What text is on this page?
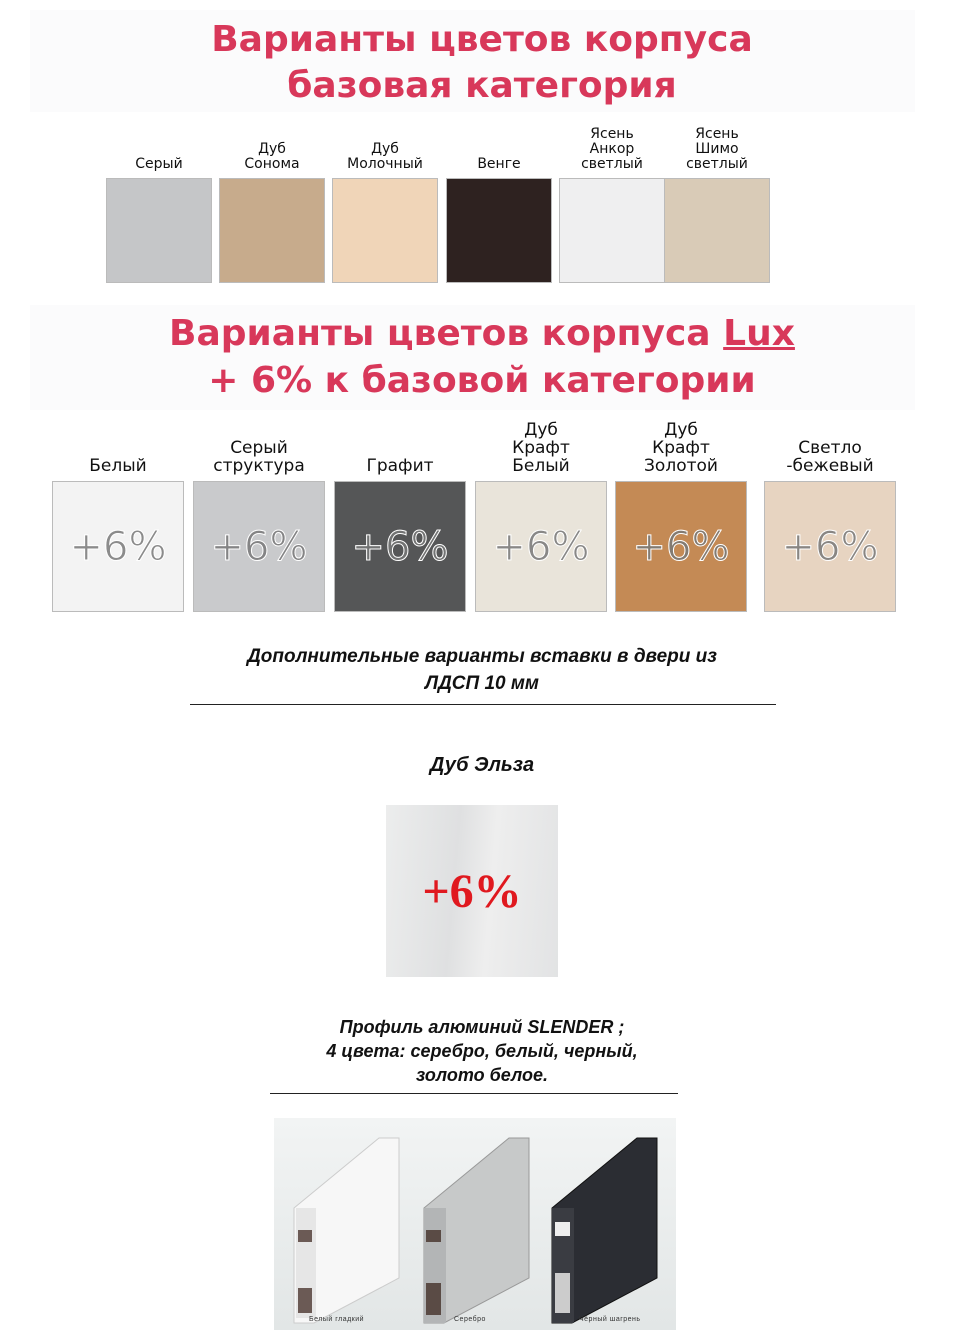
Варианты цветов корпуса
базовая категория
Серый
Дуб
Сонома
Дуб
Молочный	Венге
Ясень
Анкор
светлый
Ясень
Шимо
светлый
Варианты цветов корпуса Lux
+ 6% к базовой категории
Белый
+6%
Серый
структура
+6%
Графит
+6%
Дуб
Крафт
Белый
+6%
Дуб
Крафт
Золотой
+6%
Светло
-бежевый
+6%
Дополнительные варианты вставки в двери из
ЛДСП 10 мм
Дуб Эльза
+6%
Профиль алюминий SLENDER ;
4 цвета: серебро, белый, черный,
золото белое.
Белый гладкий	Серебро	Чёрный шагрень
